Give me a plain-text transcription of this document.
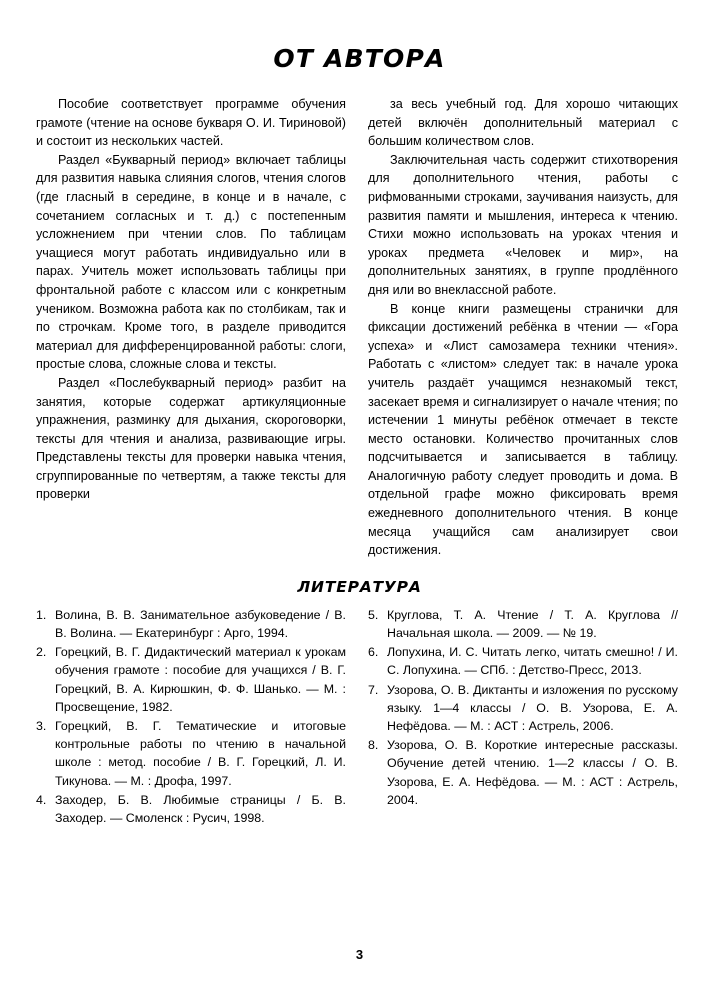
ОТ АВТОРА

Пособие соответствует программе обучения грамоте (чтение на основе букваря О. И. Тириновой) и состоит из нескольких частей.

Раздел «Букварный период» включает таблицы для развития навыка слияния слогов, чтения слогов (где гласный в середине, в конце и в начале, с сочетанием согласных и т. д.) с постепенным усложнением при чтении слов. По таблицам учащиеся могут работать индивидуально или в парах. Учитель может использовать таблицы при фронтальной работе с классом или с конкретным учеником. Возможна работа как по столбикам, так и по строчкам. Кроме того, в разделе приводится материал для дифференцированной работы: слоги, простые слова, сложные слова и тексты.

Раздел «Послебукварный период» разбит на занятия, которые содержат артикуляционные упражнения, разминку для дыхания, скороговорки, тексты для чтения и анализа, развивающие игры. Представлены тексты для проверки навыка чтения, сгруппированные по четвертям, а также тексты для проверки

за весь учебный год. Для хорошо читающих детей включён дополнительный материал с большим количеством слов.

Заключительная часть содержит стихотворения для дополнительного чтения, работы с рифмованными строками, заучивания наизусть, для развития памяти и мышления, интереса к чтению. Стихи можно использовать на уроках чтения и уроках предмета «Человек и мир», на дополнительных занятиях, в группе продлённого дня или во внеклассной работе.

В конце книги размещены странички для фиксации достижений ребёнка в чтении — «Гора успеха» и «Лист самозамера техники чтения». Работать с «листом» следует так: в начале урока учитель раздаёт учащимся незнакомый текст, засекает время и сигнализирует о начале чтения; по истечении 1 минуты ребёнок отмечает в тексте место остановки. Количество прочитанных слов подсчитывается и записывается в таблицу. Аналогичную работу следует проводить и дома. В отдельной графе можно фиксировать время ежедневного дополнительного чтения. В конце месяца учащийся сам анализирует свои достижения.

ЛИТЕРАТУРА
1. Волина, В. В. Занимательное азбуковедение / В. В. Волина. — Екатеринбург : Арго, 1994.
2. Горецкий, В. Г. Дидактический материал к урокам обучения грамоте : пособие для учащихся / В. Г. Горецкий, В. А. Кирюшкин, Ф. Ф. Шанько. — М. : Просвещение, 1982.
3. Горецкий, В. Г. Тематические и итоговые контрольные работы по чтению в начальной школе : метод. пособие / В. Г. Горецкий, Л. И. Тикунова. — М. : Дрофа, 1997.
4. Заходер, Б. В. Любимые страницы / Б. В. Заходер. — Смоленск : Русич, 1998.
5. Круглова, Т. А. Чтение / Т. А. Круглова // Начальная школа. — 2009. — № 19.
6. Лопухина, И. С. Читать легко, читать смешно! / И. С. Лопухина. — СПб. : Детство-Пресс, 2013.
7. Узорова, О. В. Диктанты и изложения по русскому языку. 1—4 классы / О. В. Узорова, Е. А. Нефёдова. — М. : АСТ : Астрель, 2006.
8. Узорова, О. В. Короткие интересные рассказы. Обучение детей чтению. 1—2 классы / О. В. Узорова, Е. А. Нефёдова. — М. : АСТ : Астрель, 2004.
3
